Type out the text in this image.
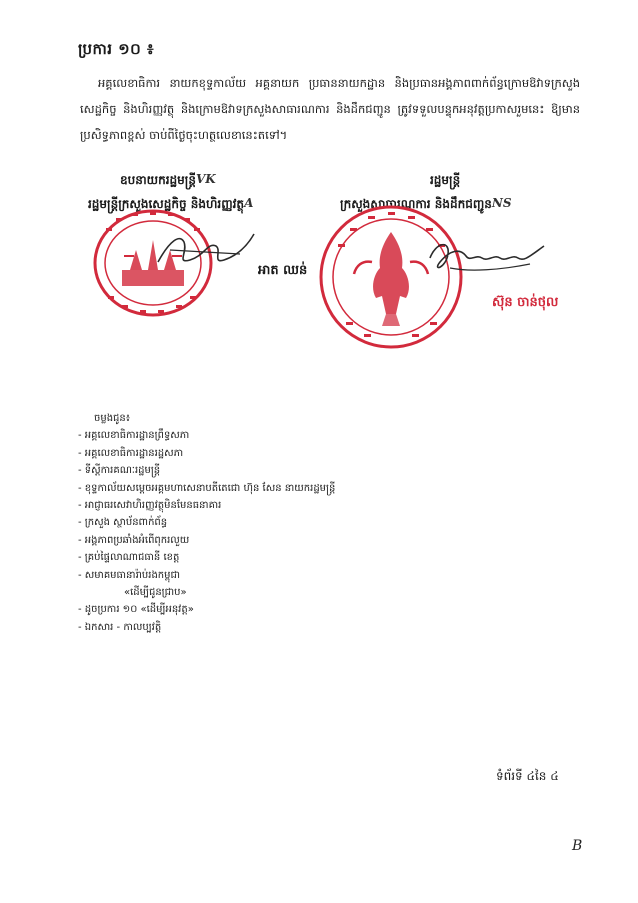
ប្រការ ១០ ៖

អគ្គលេខាធិការ នាយកខុទ្ទកាល័យ អគ្គនាយក ប្រធាននាយកដ្ឋាន និងប្រធានអង្គភាពពាក់ព័ន្ធក្រោមឱវាទក្រសួងសេដ្ឋកិច្ច និងហិរញ្ញវត្ថុ និងក្រោមឱវាទក្រសួងសាធារណការ និងដឹកជញ្ជូន ត្រូវទទួលបន្ទុកអនុវត្តប្រកាសរួមនេះ ឱ្យមានប្រសិទ្ធភាពខ្ពស់ ចាប់ពីថ្ងៃចុះហត្ថលេខានេះតទៅ។

ឧបនាយករដ្ឋមន្ត្រី VK
រដ្ឋមន្ត្រីក្រសួងសេដ្ឋកិច្ច និងហិរញ្ញវត្ថុ A
រដ្ឋមន្ត្រី
ក្រសួងសាធារណការ និងដឹកជញ្ជូន NS
អាត ឈន់
ស៊ុន ចាន់ថុល
ចម្លងជូន៖
- អគ្គលេខាធិការដ្ឋានព្រឹទ្ធសភា
- អគ្គលេខាធិការដ្ឋានរដ្ឋសភា
- ទីស្តីការគណៈរដ្ឋមន្ត្រី
- ខុទ្ទកាល័យសម្តេចអគ្គមហាសេនាបតីតេជោ ហ៊ុន សែន នាយករដ្ឋមន្ត្រី
- អាជ្ញាធរសេវាហិរញ្ញវត្ថុមិនមែនធនាគារ
- ក្រសួង ស្ថាប័នពាក់ព័ន្ធ
- អង្គភាពប្រឆាំងអំពើពុករលួយ
- គ្រប់ផ្ទៃលាណាជធានី ខេត្ត
- សមាគមធានារ៉ាប់រងកម្ពុជា
«ដើម្បីជូនជ្រាប»
- ដូចប្រការ ១០ «ដើម្បីអនុវត្ត»
- ឯកសារ - កាលប្បវត្តិ
ទំព័រទី ៤នៃ ៤
B
